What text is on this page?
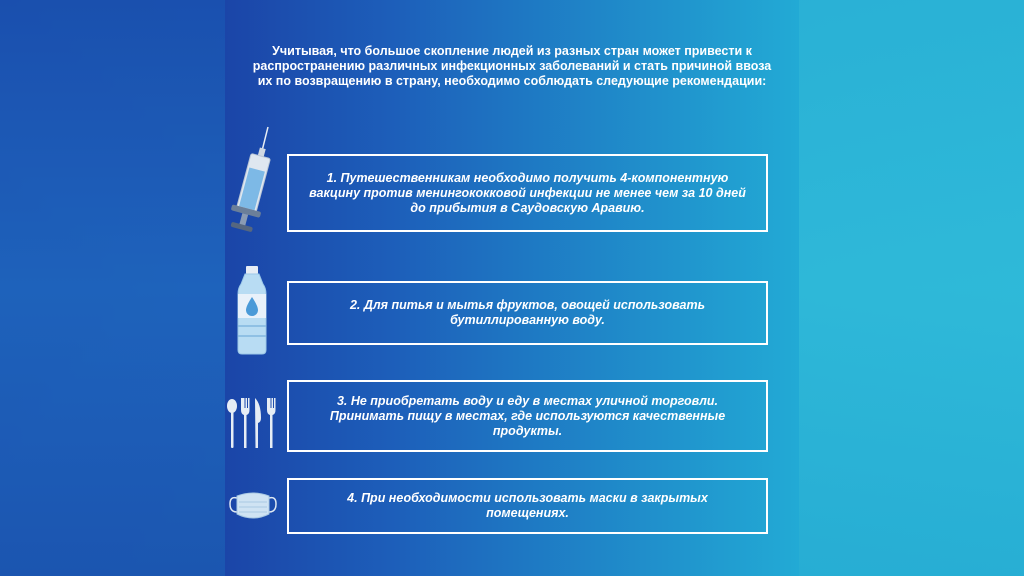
Учитывая, что большое скопление людей из разных стран может привести к распространению различных инфекционных заболеваний и стать причиной ввоза их по возвращению в страну, необходимо соблюдать следующие рекомендации:
1. Путешественникам необходимо получить 4-компонентную вакцину против менингококковой инфекции не менее чем за 10 дней до прибытия в Саудовскую Аравию.
2. Для питья и мытья фруктов, овощей использовать бутиллированную воду.
3. Не приобретать воду и еду в местах уличной торговли. Принимать пищу в местах, где используются качественные продукты.
4. При необходимости использовать маски в закрытых помещениях.
